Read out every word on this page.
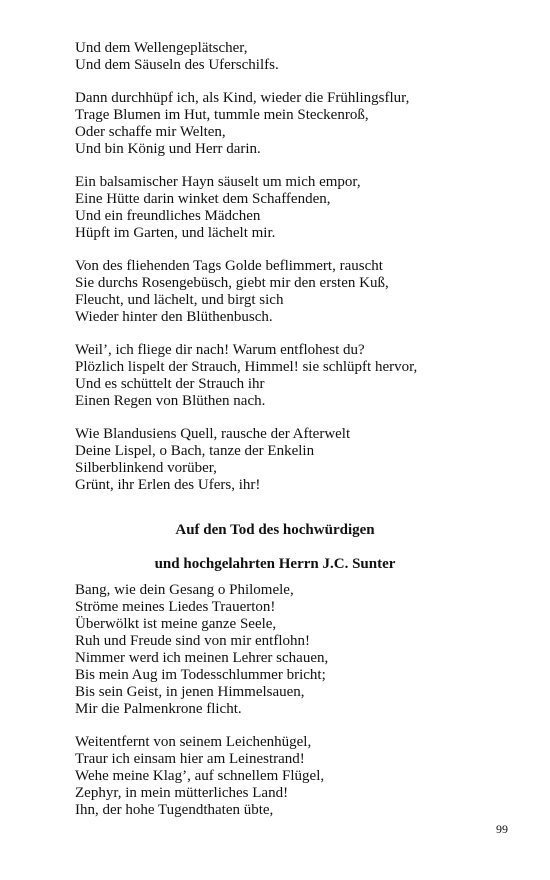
Und dem Wellengeplätscher,
Und dem Säuseln des Uferschilfs.
Dann durchhüpf ich, als Kind, wieder die Frühlingsflur,
Trage Blumen im Hut, tummle mein Steckenroß,
Oder schaffe mir Welten,
Und bin König und Herr darin.
Ein balsamischer Hayn säuselt um mich empor,
Eine Hütte darin winket dem Schaffenden,
Und ein freundliches Mädchen
Hüpft im Garten, und lächelt mir.
Von des fliehenden Tags Golde beflimmert, rauscht
Sie durchs Rosengebüsch, giebt mir den ersten Kuß,
Fleucht, und lächelt, und birgt sich
Wieder hinter den Blüthenbusch.
Weil’, ich fliege dir nach! Warum entflohest du?
Plözlich lispelt der Strauch, Himmel! sie schlüpft hervor,
Und es schüttelt der Strauch ihr
Einen Regen von Blüthen nach.
Wie Blandusiens Quell, rausche der Afterwelt
Deine Lispel, o Bach, tanze der Enkelin
Silberblinkend vorüber,
Grünt, ihr Erlen des Ufers, ihr!

Auf den Tod des hochwürdigen

und hochgelahrten Herrn J.C. Sunter

Bang, wie dein Gesang o Philomele,
Ströme meines Liedes Trauerton!
Überwölkt ist meine ganze Seele,
Ruh und Freude sind von mir entflohn!
Nimmer werd ich meinen Lehrer schauen,
Bis mein Aug im Todesschlummer bricht;
Bis sein Geist, in jenen Himmelsauen,
Mir die Palmenkrone flicht.
Weitentfernt von seinem Leichenhügel,
Traur ich einsam hier am Leinestrand!
Wehe meine Klag’, auf schnellem Flügel,
Zephyr, in mein mütterliches Land!
Ihn, der hohe Tugendthaten übte,
99
